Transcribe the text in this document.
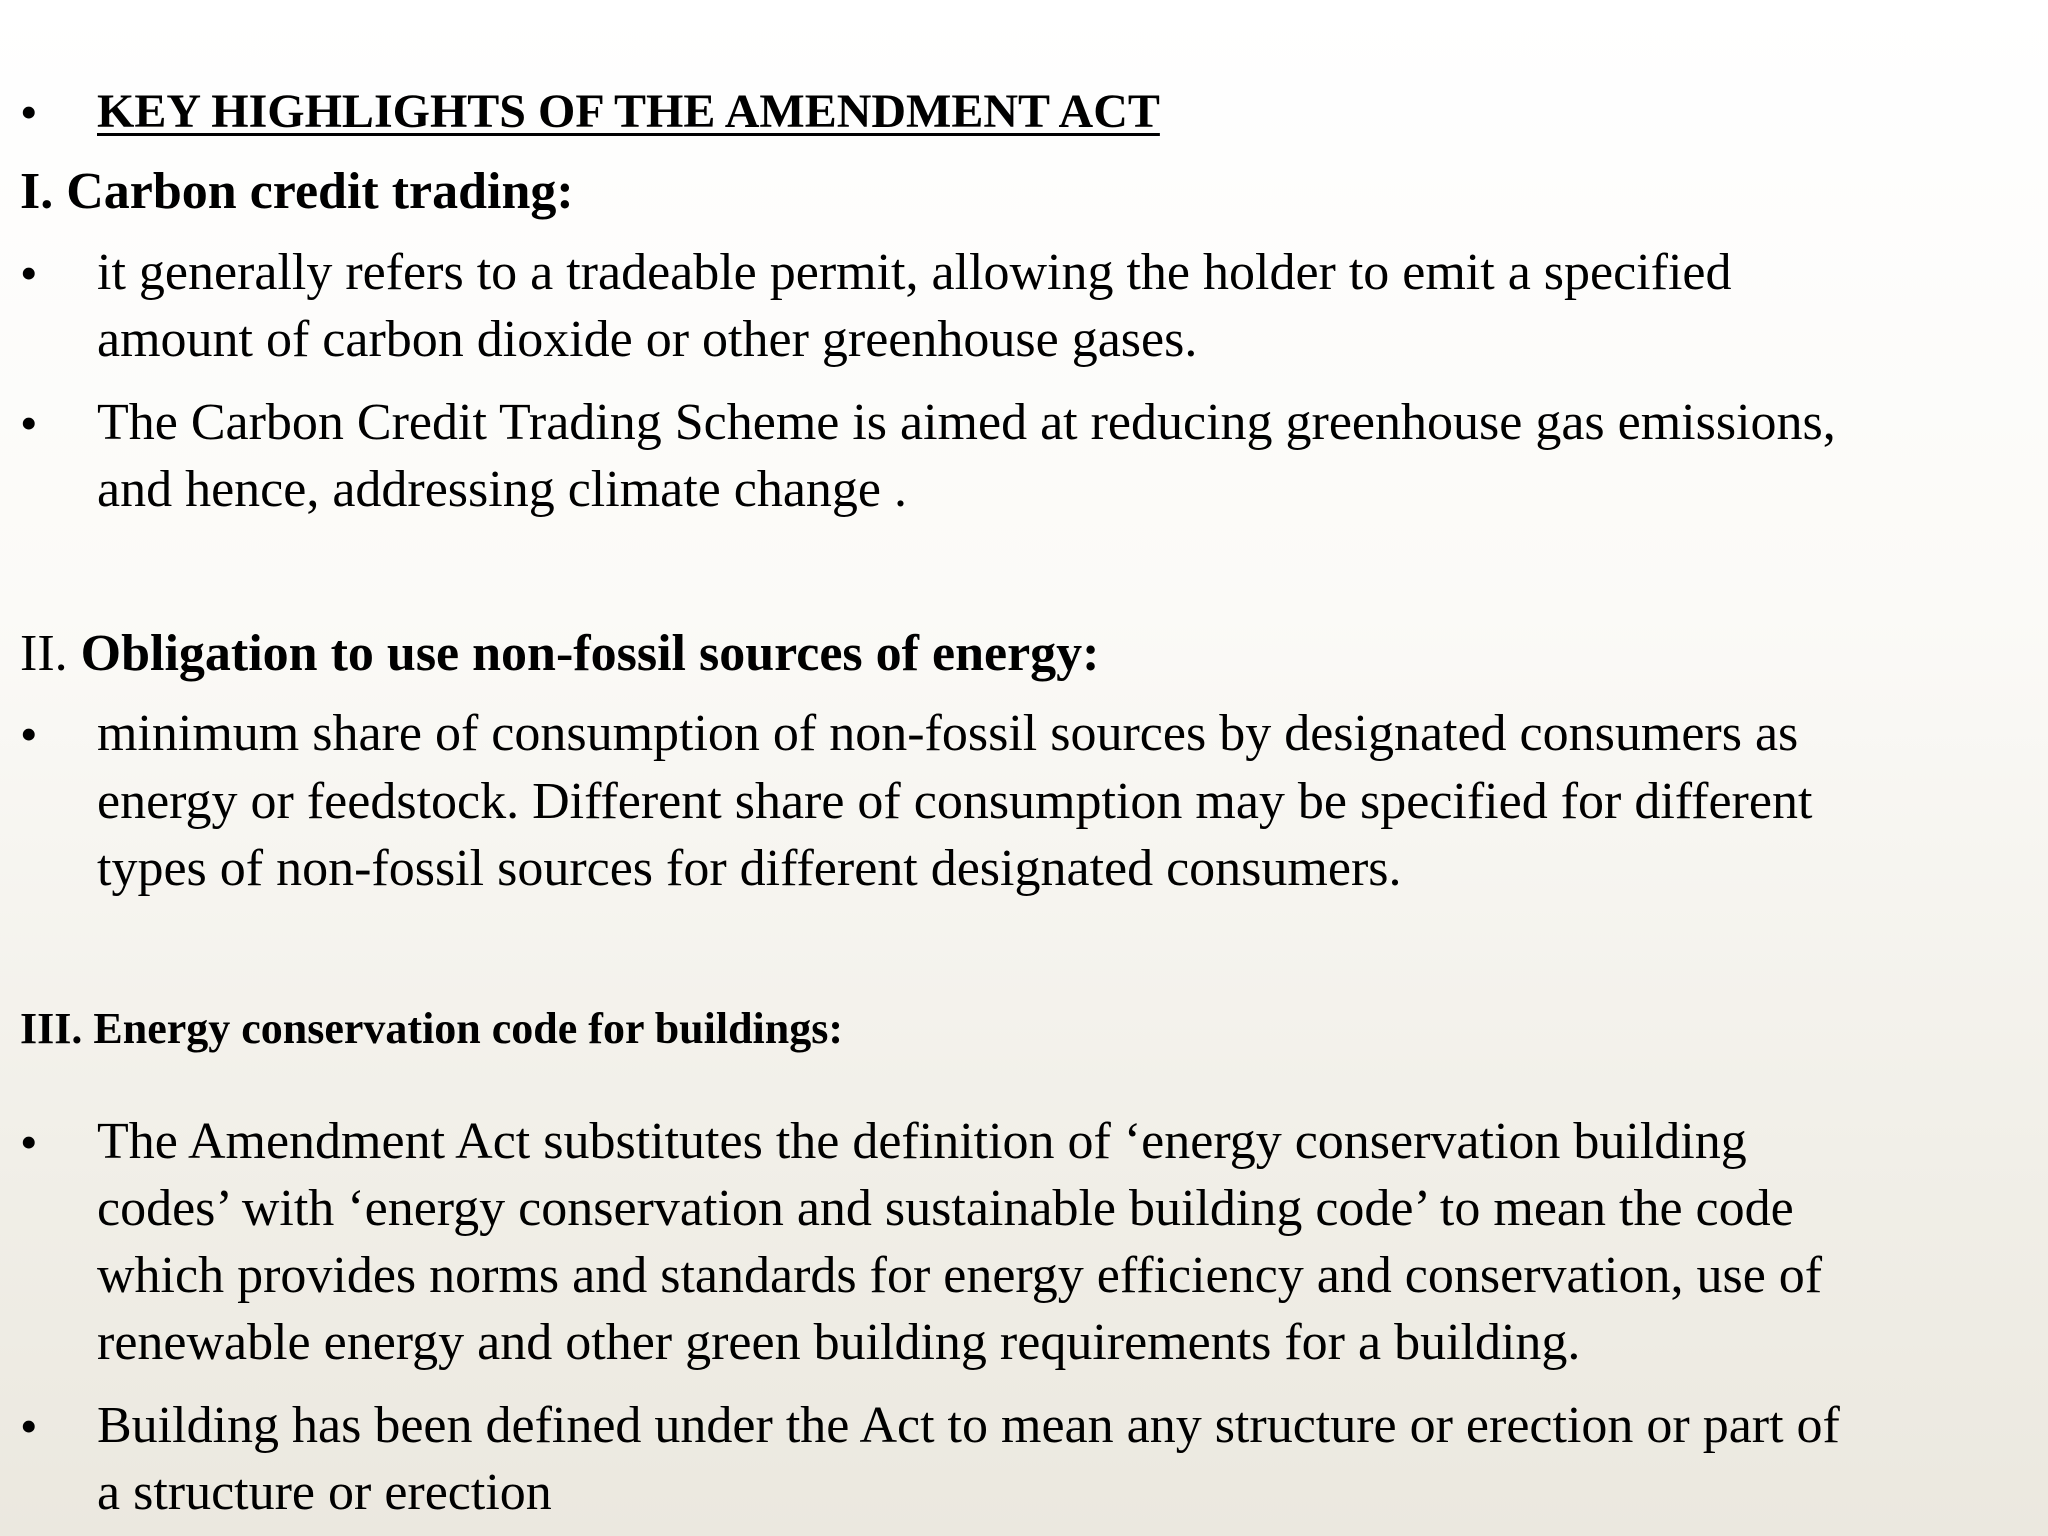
• KEY HIGHLIGHTS OF THE AMENDMENT ACT
I. Carbon credit trading:
• it generally refers to a tradeable permit, allowing the holder to emit a specified
amount of carbon dioxide or other greenhouse gases.
• The Carbon Credit Trading Scheme is aimed at reducing greenhouse gas emissions,
and hence, addressing climate change .
II. Obligation to use non-fossil sources of energy:
• minimum share of consumption of non-fossil sources by designated consumers as
energy or feedstock. Different share of consumption may be specified for different
types of non-fossil sources for different designated consumers.
III. Energy conservation code for buildings:
• The Amendment Act substitutes the definition of ‘energy conservation building
codes’ with ‘energy conservation and sustainable building code’ to mean the code
which provides norms and standards for energy efficiency and conservation, use of
renewable energy and other green building requirements for a building.
• Building has been defined under the Act to mean any structure or erection or part of
a structure or erection
